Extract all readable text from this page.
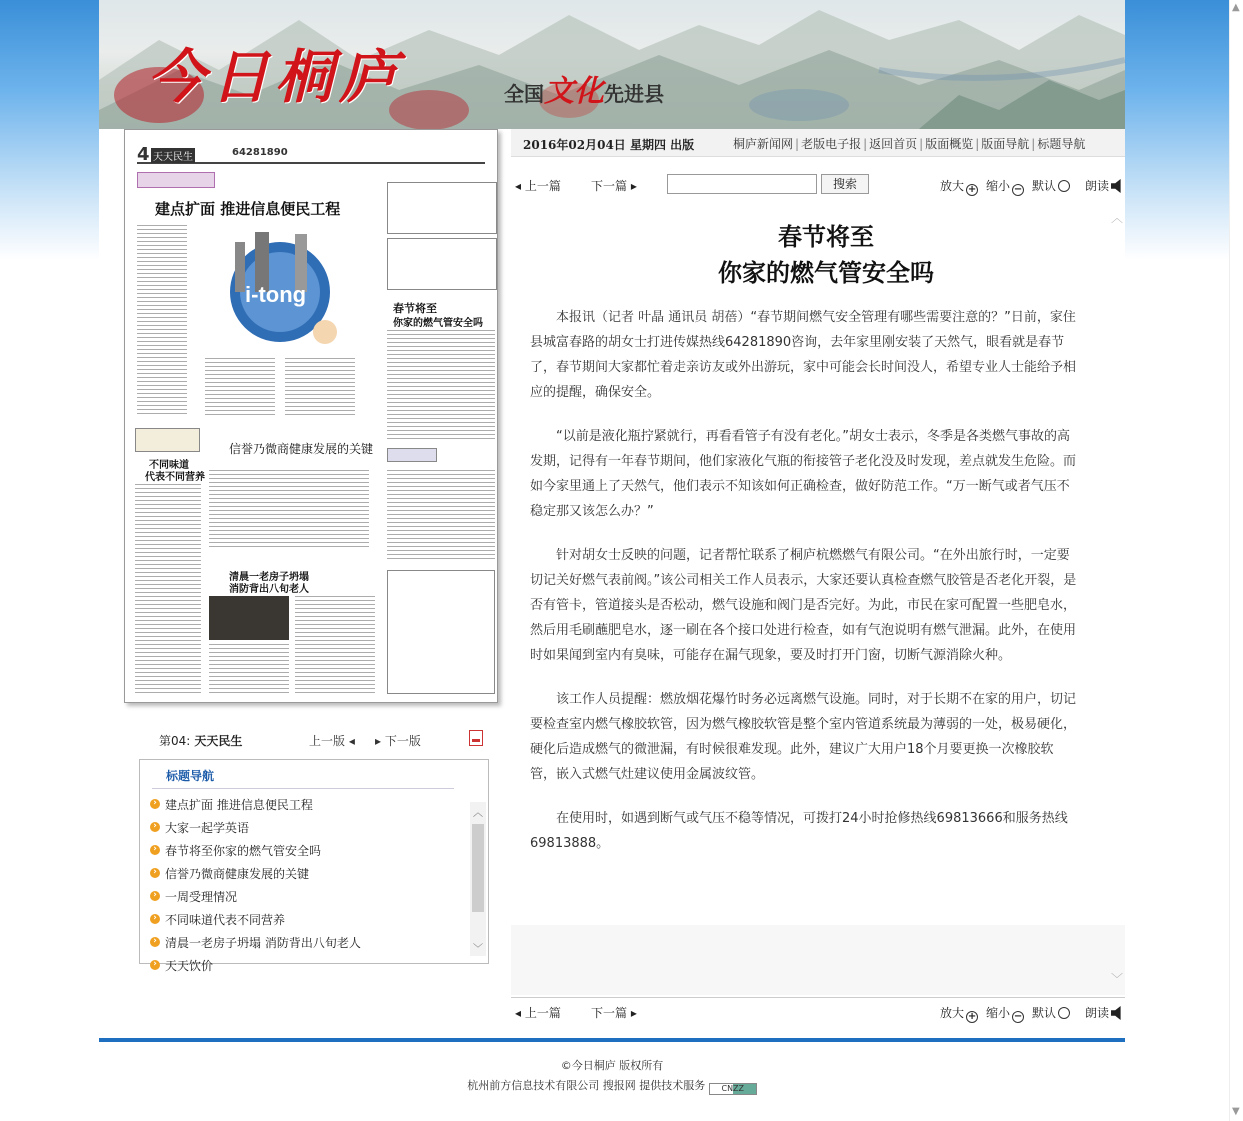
今日桐庐	全国文化先进县
4 天天民生	64281890
建点扩面 推进信息便民工程
i-tong
春节将至
你家的燃气管安全吗
不同味道
代表不同营养
信誉乃微商健康发展的关键
清晨一老房子坍塌
消防背出八旬老人
第04: 天天民生	上一版 ◂ ▸ 下一版
标题导航
› 建点扩面 推进信息便民工程
› 大家一起学英语
› 春节将至你家的燃气管安全吗
› 信誉乃微商健康发展的关键
› 一周受理情况
› 不同味道代表不同营养
› 清晨一老房子坍塌 消防背出八旬老人
› 天天饮价
︿
﹀
2016年02月04日 星期四 出版	桐庐新闻网 | 老版电子报 | 返回首页 | 版面概览 | 版面导航 | 标题导航
◂ 上一篇	下一篇 ▸	搜索	放大 + 缩小 − 默认	朗读
春节将至
你家的燃气管安全吗

本报讯（记者 叶晶 通讯员 胡蓓）“春节期间燃气安全管理有哪些需要注意的？”日前，家住县城富春路的胡女士打进传媒热线64281890咨询，去年家里刚安装了天然气，眼看就是春节了，春节期间大家都忙着走亲访友或外出游玩，家中可能会长时间没人，希望专业人士能给予相应的提醒，确保安全。

“以前是液化瓶拧紧就行，再看看管子有没有老化。”胡女士表示，冬季是各类燃气事故的高发期，记得有一年春节期间，他们家液化气瓶的衔接管子老化没及时发现，差点就发生危险。而如今家里通上了天然气，他们表示不知该如何正确检查，做好防范工作。“万一断气或者气压不稳定那又该怎么办？”

针对胡女士反映的问题，记者帮忙联系了桐庐杭燃燃气有限公司。“在外出旅行时，一定要切记关好燃气表前阀。”该公司相关工作人员表示，大家还要认真检查燃气胶管是否老化开裂，是否有管卡，管道接头是否松动，燃气设施和阀门是否完好。为此，市民在家可配置一些肥皂水，然后用毛刷蘸肥皂水，逐一刷在各个接口处进行检查，如有气泡说明有燃气泄漏。此外，在使用时如果闻到室内有臭味，可能存在漏气现象，要及时打开门窗，切断气源消除火种。

该工作人员提醒：燃放烟花爆竹时务必远离燃气设施。同时，对于长期不在家的用户，切记要检查室内燃气橡胶软管，因为燃气橡胶软管是整个室内管道系统最为薄弱的一处，极易硬化，硬化后造成燃气的微泄漏，有时候很难发现。此外，建议广大用户18个月要更换一次橡胶软管，嵌入式燃气灶建议使用金属波纹管。

在使用时，如遇到断气或气压不稳等情况，可拨打24小时抢修热线69813666和服务热线69813888。

︿
﹀
◂ 上一篇	下一篇 ▸	放大 + 缩小 − 默认	朗读
©今日桐庐 版权所有
杭州前方信息技术有限公司 搜报网 提供技术服务 CNZZ
▲
▼
